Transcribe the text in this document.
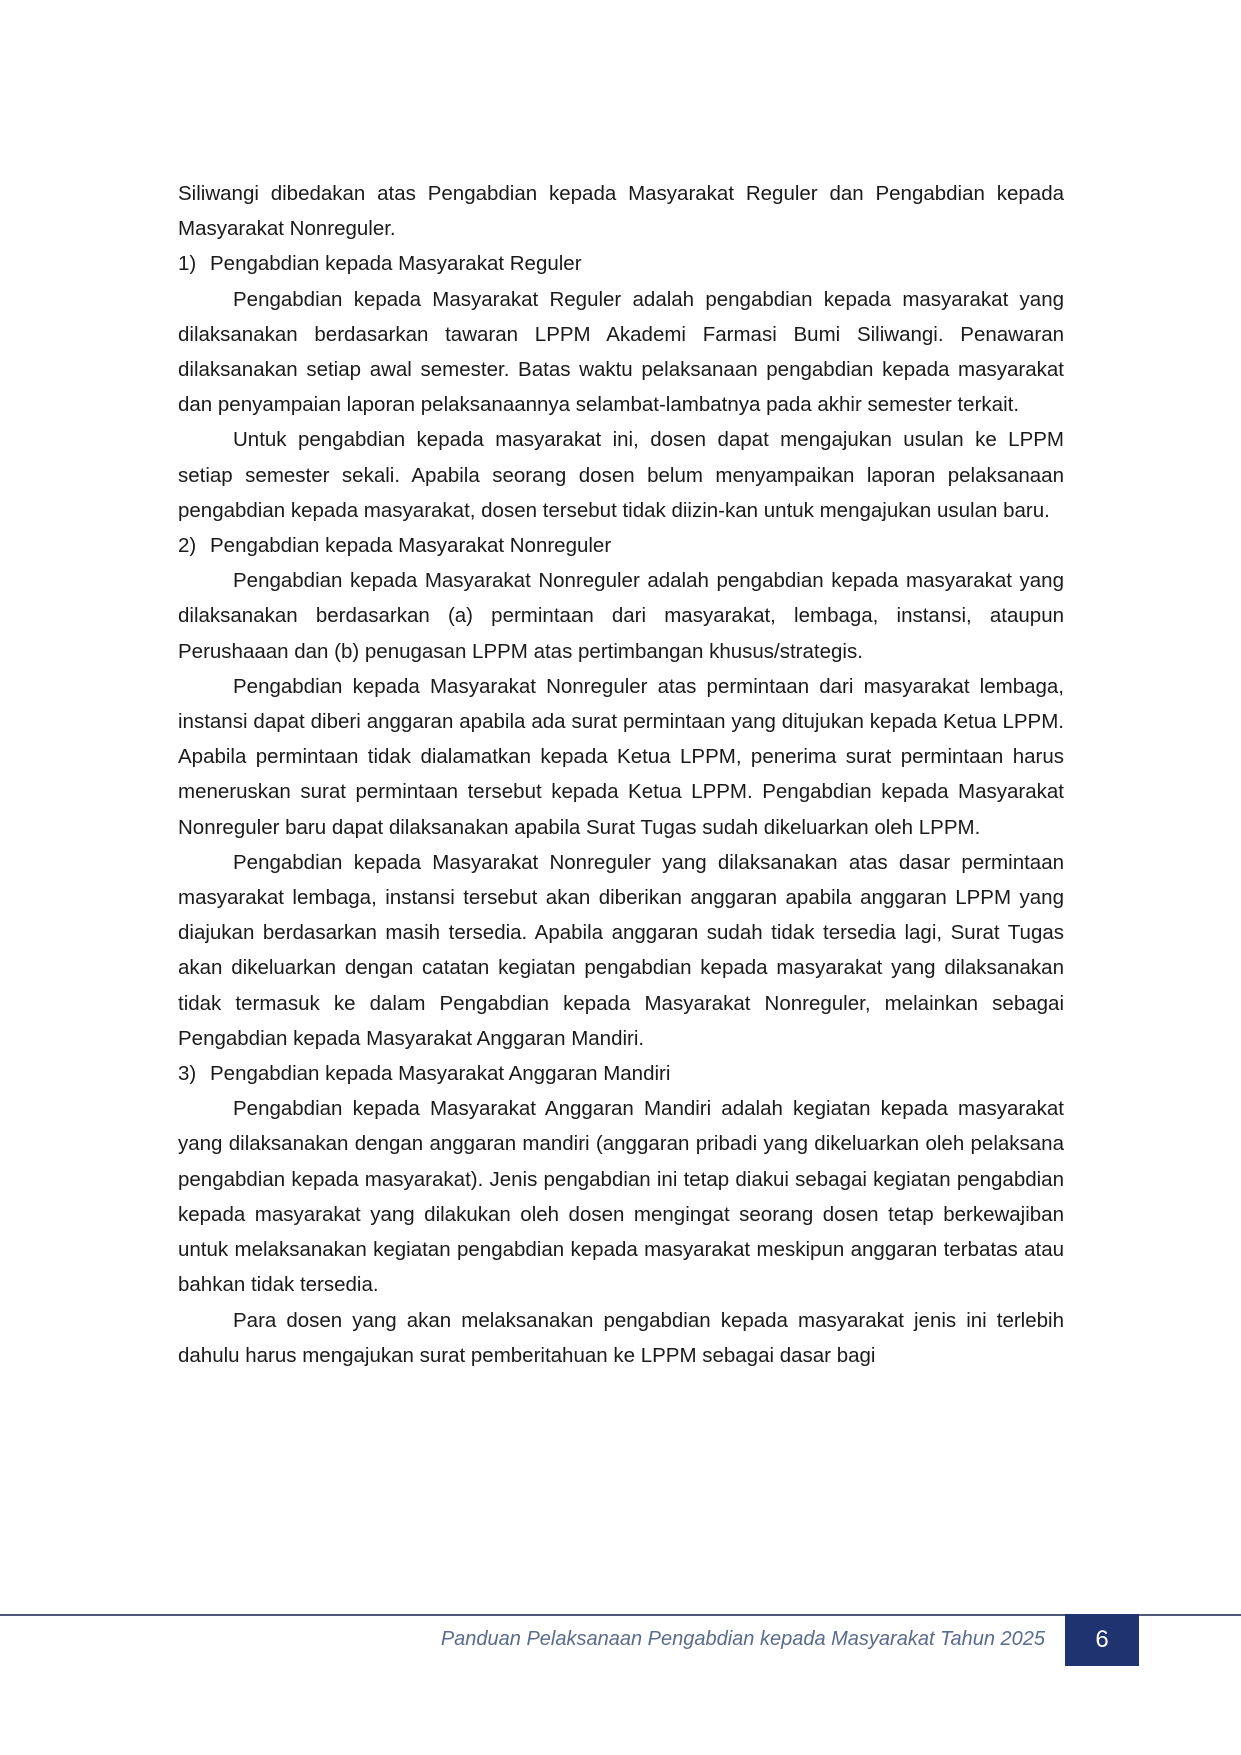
Siliwangi dibedakan atas Pengabdian kepada Masyarakat Reguler dan Pengabdian kepada Masyarakat Nonreguler.

1) Pengabdian kepada Masyarakat Reguler

Pengabdian kepada Masyarakat Reguler adalah pengabdian kepada masyarakat yang dilaksanakan berdasarkan tawaran LPPM Akademi Farmasi Bumi Siliwangi. Penawaran dilaksanakan setiap awal semester. Batas waktu pelaksanaan pengabdian kepada masyarakat dan penyampaian laporan pelaksanaannya selambat-lambatnya pada akhir semester terkait.

Untuk pengabdian kepada masyarakat ini, dosen dapat mengajukan usulan ke LPPM setiap semester sekali. Apabila seorang dosen belum menyampaikan laporan pelaksanaan pengabdian kepada masyarakat, dosen tersebut tidak diizin-kan untuk mengajukan usulan baru.

2) Pengabdian kepada Masyarakat Nonreguler

Pengabdian kepada Masyarakat Nonreguler adalah pengabdian kepada masyarakat yang dilaksanakan berdasarkan (a) permintaan dari masyarakat, lembaga, instansi, ataupun Perushaaan dan (b) penugasan LPPM atas pertimbangan khusus/strategis.

Pengabdian kepada Masyarakat Nonreguler atas permintaan dari masyarakat lembaga, instansi dapat diberi anggaran apabila ada surat permintaan yang ditujukan kepada Ketua LPPM. Apabila permintaan tidak dialamatkan kepada Ketua LPPM, penerima surat permintaan harus meneruskan surat permintaan tersebut kepada Ketua LPPM. Pengabdian kepada Masyarakat Nonreguler baru dapat dilaksanakan apabila Surat Tugas sudah dikeluarkan oleh LPPM.

Pengabdian kepada Masyarakat Nonreguler yang dilaksanakan atas dasar permintaan masyarakat lembaga, instansi tersebut akan diberikan anggaran apabila anggaran LPPM yang diajukan berdasarkan masih tersedia. Apabila anggaran sudah tidak tersedia lagi, Surat Tugas akan dikeluarkan dengan catatan kegiatan pengabdian kepada masyarakat yang dilaksanakan tidak termasuk ke dalam Pengabdian kepada Masyarakat Nonreguler, melainkan sebagai Pengabdian kepada Masyarakat Anggaran Mandiri.

3) Pengabdian kepada Masyarakat Anggaran Mandiri

Pengabdian kepada Masyarakat Anggaran Mandiri adalah kegiatan kepada masyarakat yang dilaksanakan dengan anggaran mandiri (anggaran pribadi yang dikeluarkan oleh pelaksana pengabdian kepada masyarakat). Jenis pengabdian ini tetap diakui sebagai kegiatan pengabdian kepada masyarakat yang dilakukan oleh dosen mengingat seorang dosen tetap berkewajiban untuk melaksanakan kegiatan pengabdian kepada masyarakat meskipun anggaran terbatas atau bahkan tidak tersedia.

Para dosen yang akan melaksanakan pengabdian kepada masyarakat jenis ini terlebih dahulu harus mengajukan surat pemberitahuan ke LPPM sebagai dasar bagi

Panduan Pelaksanaan Pengabdian kepada Masyarakat Tahun 2025	6
